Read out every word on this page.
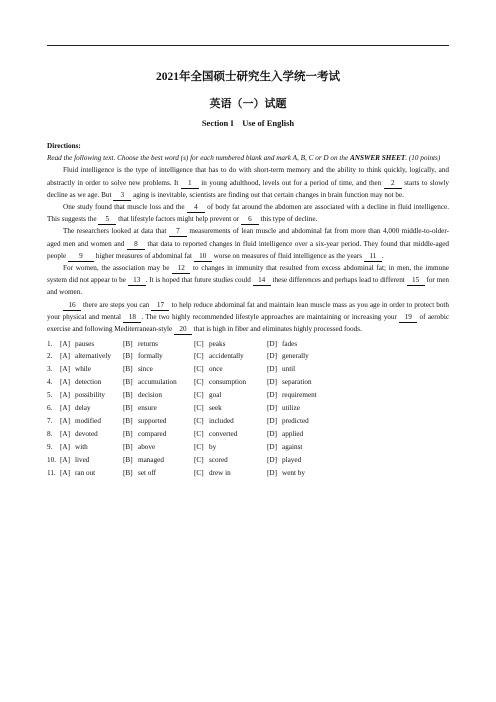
2021年全国硕士研究生入学统一考试
英语（一）试题
Section I    Use of English
Directions:
Read the following text. Choose the best word (s) for each numbered blank and mark A, B, C or D on the ANSWER SHEET. (10 points)
Fluid intelligence is the type of intelligence that has to do with short-term memory and the ability to think quickly, logically, and abstractly in order to solve new problems. It 1 in young adulthood, levels out for a period of time, and then 2 starts to slowly decline as we age. But 3 aging is inevitable, scientists are finding out that certain changes in brain function may not be.
One study found that muscle loss and the 4 of body fat around the abdomen are associated with a decline in fluid intelligence. This suggests the 5 that lifestyle factors might help prevent or 6 this type of decline.
The researchers looked at data that 7 measurements of lean muscle and abdominal fat from more than 4,000 middle-to-older-aged men and women and 8 that data to reported changes in fluid intelligence over a six-year period. They found that middle-aged people 9 higher measures of abdominal fat 10 worse on measures of fluid intelligence as the years 11 .
For women, the association may be 12 to changes in immunity that resulted from excess abdominal fat; in men, the immune system did not appear to be 13 . It is hoped that future studies could 14 these differences and perhaps lead to different 15 for men and women.
16 there are steps you can 17 to help reduce abdominal fat and maintain lean muscle mass as you age in order to protect both your physical and mental 18 . The two highly recommended lifestyle approaches are maintaining or increasing your 19 of aerobic exercise and following Mediterranean-style 20 that is high in fiber and eliminates highly processed foods.
1.	[A] pauses	[B] returns	[C] peaks	[D] fades
2.	[A] alternatively	[B] formally	[C] accidentally	[D] generally
3.	[A] while	[B] since	[C] once	[D] until
4.	[A] detection	[B] accumulation	[C] consumption	[D] separation
5.	[A] possibility	[B] decision	[C] goal	[D] requirement
6.	[A] delay	[B] ensure	[C] seek	[D] utilize
7.	[A] modified	[B] supported	[C] included	[D] predicted
8.	[A] devoted	[B] compared	[C] converted	[D] applied
9.	[A] with	[B] above	[C] by	[D] against
10. [A] lived	[B] managed	[C] scored	[D] played
11. [A] ran out	[B] set off	[C] drew in	[D] went by
